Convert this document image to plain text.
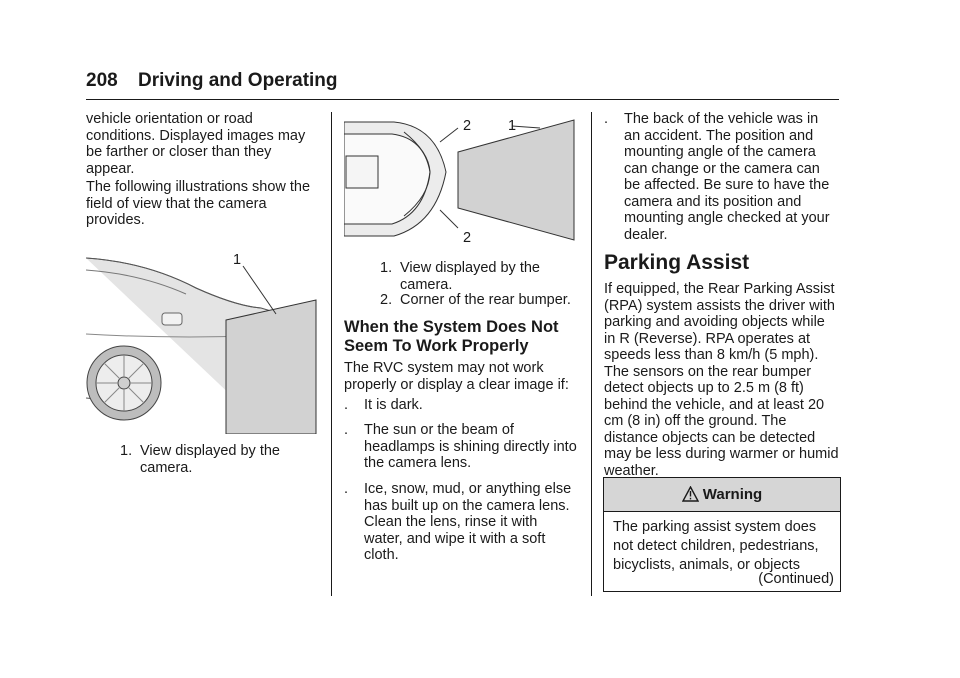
208 Driving and Operating

vehicle orientation or road conditions. Displayed images may be farther or closer than they appear.

The following illustrations show the field of view that the camera provides.

1
1. View displayed by the camera.
2	1
2
1. View displayed by the camera.
2. Corner of the rear bumper.
When the System Does Not Seem To Work Properly

The RVC system may not work properly or display a clear image if:

. It is dark.
. The sun or the beam of headlamps is shining directly into the camera lens.
. Ice, snow, mud, or anything else has built up on the camera lens. Clean the lens, rinse it with water, and wipe it with a soft cloth.
. The back of the vehicle was in an accident. The position and mounting angle of the camera can change or the camera can be affected. Be sure to have the camera and its position and mounting angle checked at your dealer.
Parking Assist

If equipped, the Rear Parking Assist (RPA) system assists the driver with parking and avoiding objects while in R (Reverse). RPA operates at speeds less than 8 km/h (5 mph). The sensors on the rear bumper detect objects up to 2.5 m (8 ft) behind the vehicle, and at least 20 cm (8 in) off the ground. The distance objects can be detected may be less during warmer or humid weather.

Warning
The parking assist system does not detect children, pedestrians, bicyclists, animals, or objects
(Continued)
